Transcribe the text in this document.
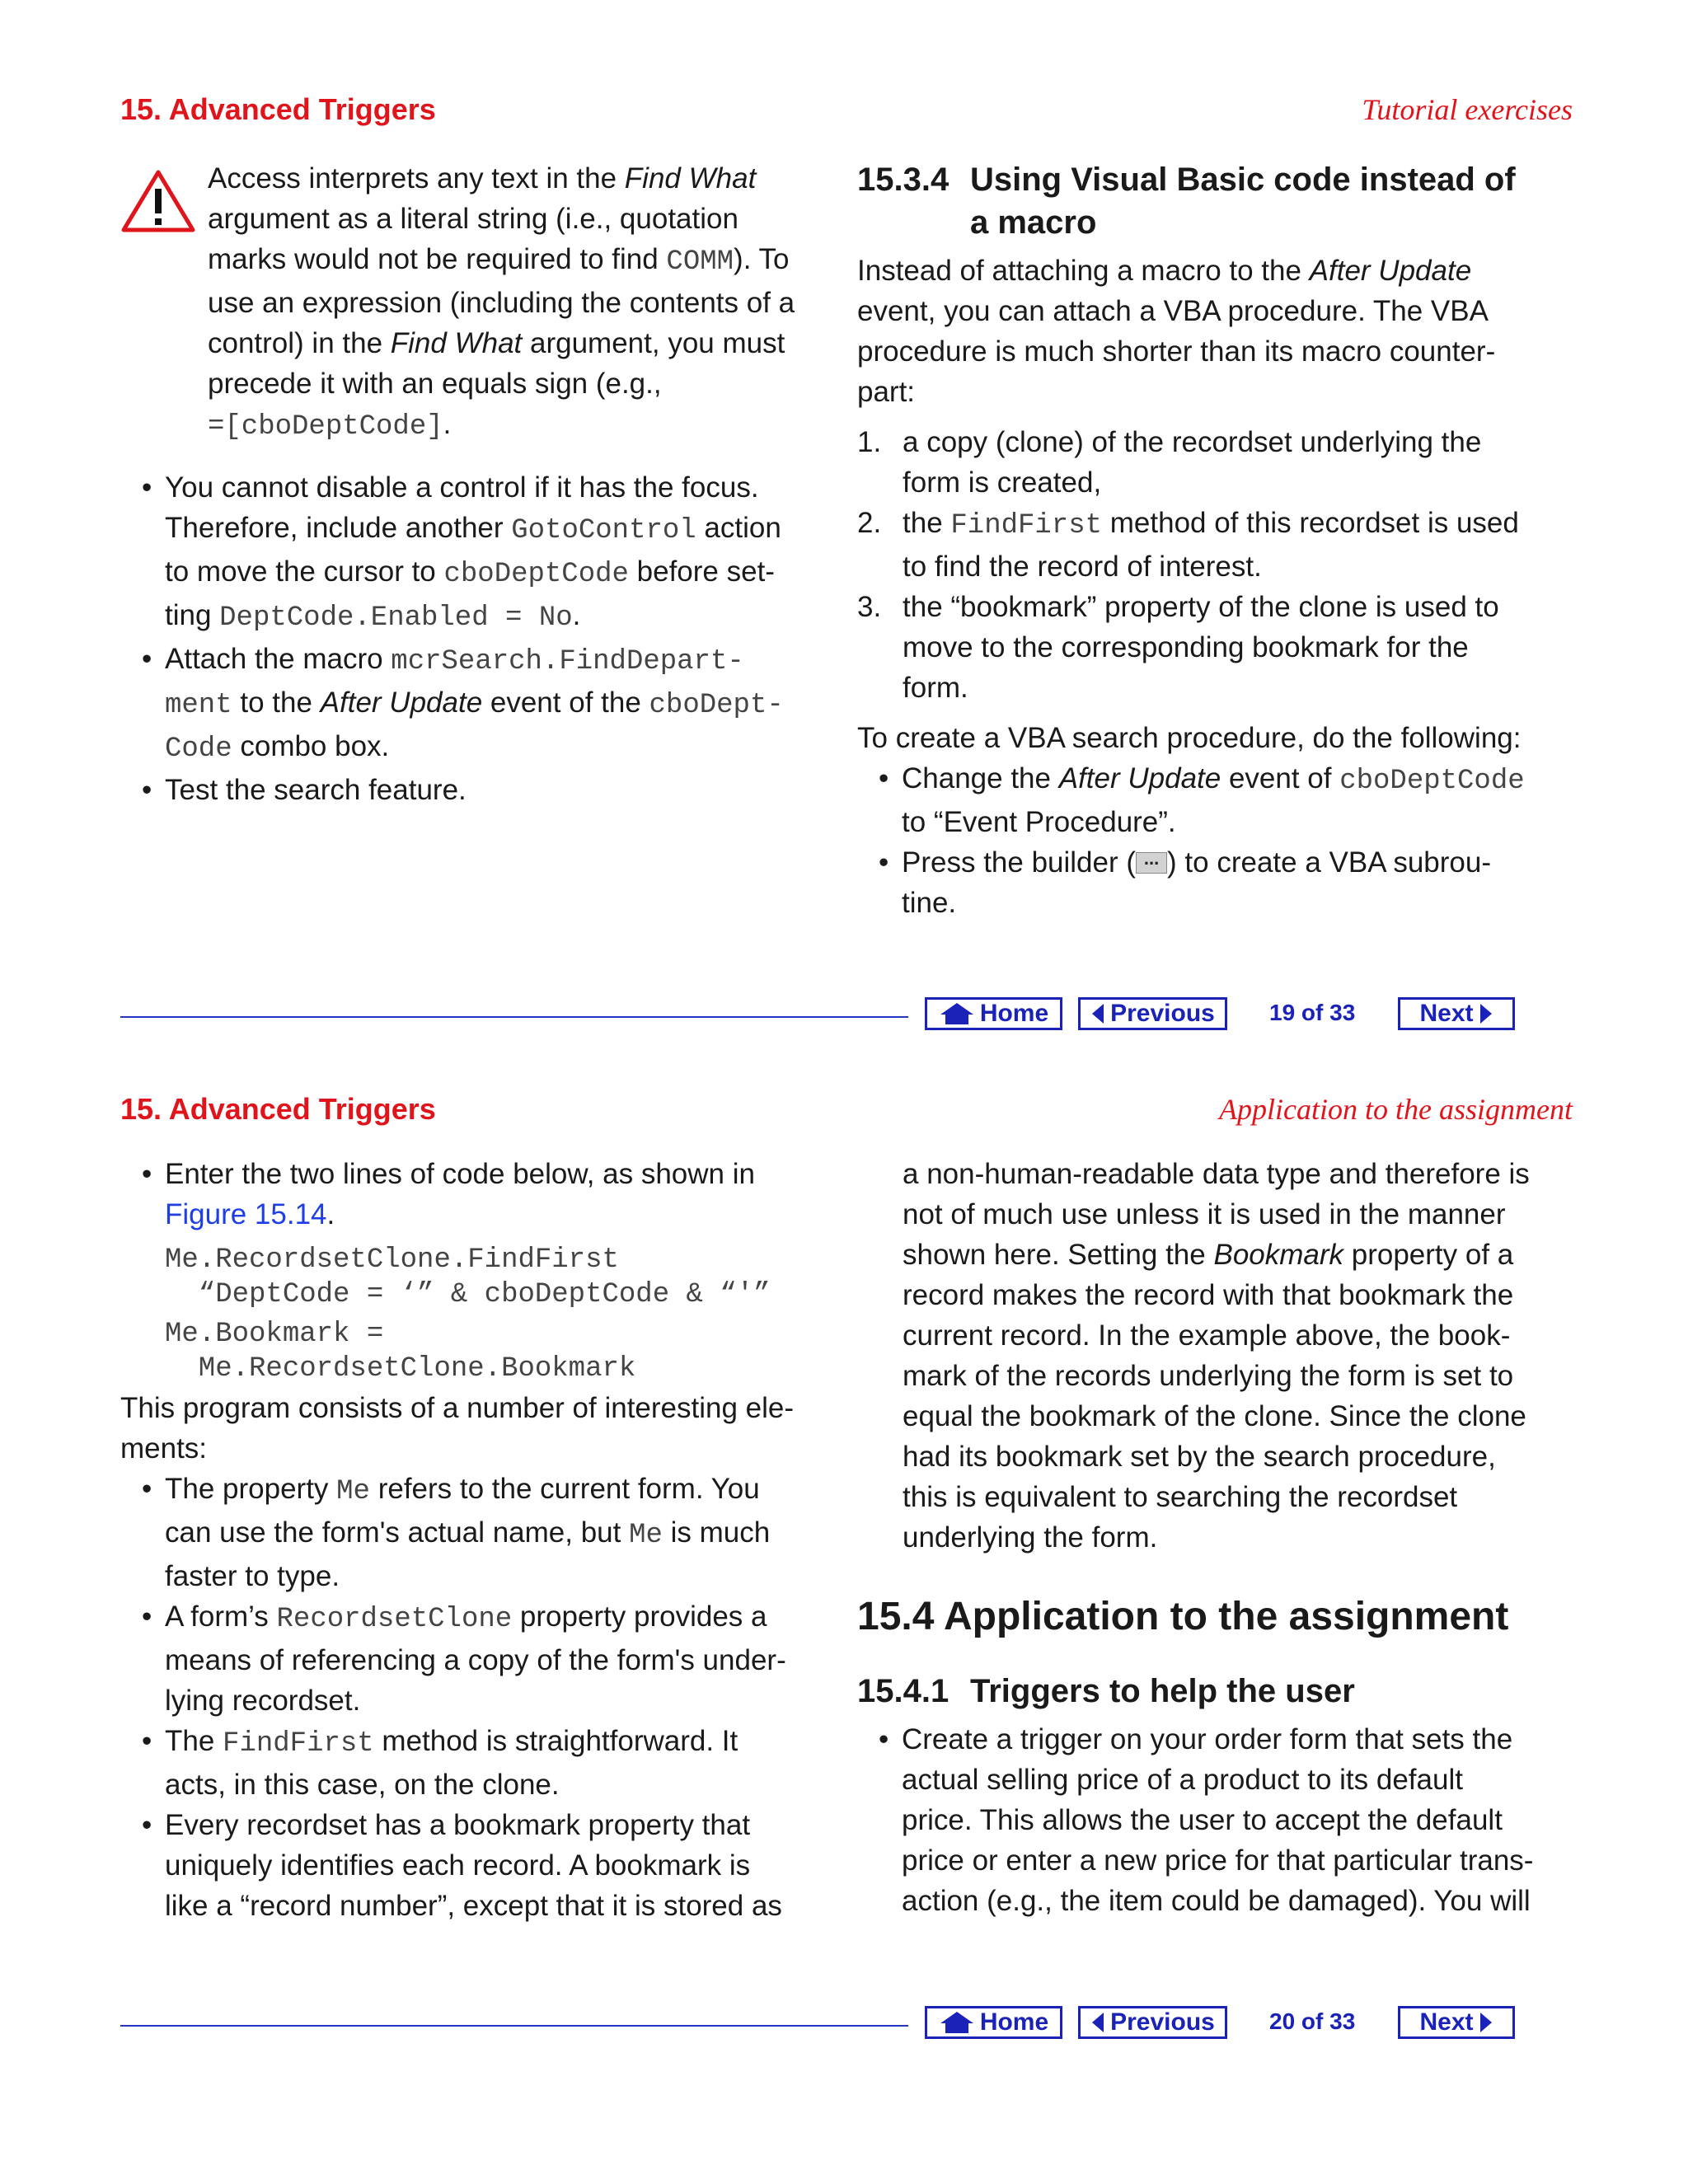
15. Advanced Triggers	Tutorial exercises
Access interprets any text in the Find What
argument as a literal string (i.e., quotation
marks would not be required to find COMM). To
use an expression (including the contents of a
control) in the Find What argument, you must
precede it with an equals sign (e.g.,
=[cboDeptCode].
• You cannot disable a control if it has the focus.
Therefore, include another GotoControl action
to move the cursor to cboDeptCode before set-
ting DeptCode.Enabled = No.
• Attach the macro mcrSearch.FindDepart-
ment to the After Update event of the cboDept-
Code combo box.
• Test the search feature.
15.3.4 Using Visual Basic code instead of
a macro
Instead of attaching a macro to the After Update
event, you can attach a VBA procedure. The VBA
procedure is much shorter than its macro counter-
part:
1. a copy (clone) of the recordset underlying the
form is created,
2. the FindFirst method of this recordset is used
to find the record of interest.
3. the “bookmark” property of the clone is used to
move to the corresponding bookmark for the
form.

To create a VBA search procedure, do the following:

• Change the After Update event of cboDeptCode
to “Event Procedure”.
• Press the builder (... ) to create a VBA subrou-
tine.
Home Previous 19 of 33	Next
15. Advanced Triggers	Application to the assignment
• Enter the two lines of code below, as shown in
Figure 15.14.
Me.RecordsetClone.FindFirst
“DeptCode = ‘” & cboDeptCode & “'”
Me.Bookmark =
Me.RecordsetClone.Bookmark
This program consists of a number of interesting ele-
ments:
• The property Me refers to the current form. You
can use the form's actual name, but Me is much
faster to type.
• A form’s RecordsetClone property provides a
means of referencing a copy of the form's under-
lying recordset.
• The FindFirst method is straightforward. It
acts, in this case, on the clone.
• Every recordset has a bookmark property that
uniquely identifies each record. A bookmark is
like a “record number”, except that it is stored as
a non-human-readable data type and therefore is
not of much use unless it is used in the manner
shown here. Setting the Bookmark property of a
record makes the record with that bookmark the
current record. In the example above, the book-
mark of the records underlying the form is set to
equal the bookmark of the clone. Since the clone
had its bookmark set by the search procedure,
this is equivalent to searching the recordset
underlying the form.
15.4 Application to the assignment
15.4.1 Triggers to help the user
• Create a trigger on your order form that sets the
actual selling price of a product to its default
price. This allows the user to accept the default
price or enter a new price for that particular trans-
action (e.g., the item could be damaged). You will
Home Previous 20 of 33	Next
